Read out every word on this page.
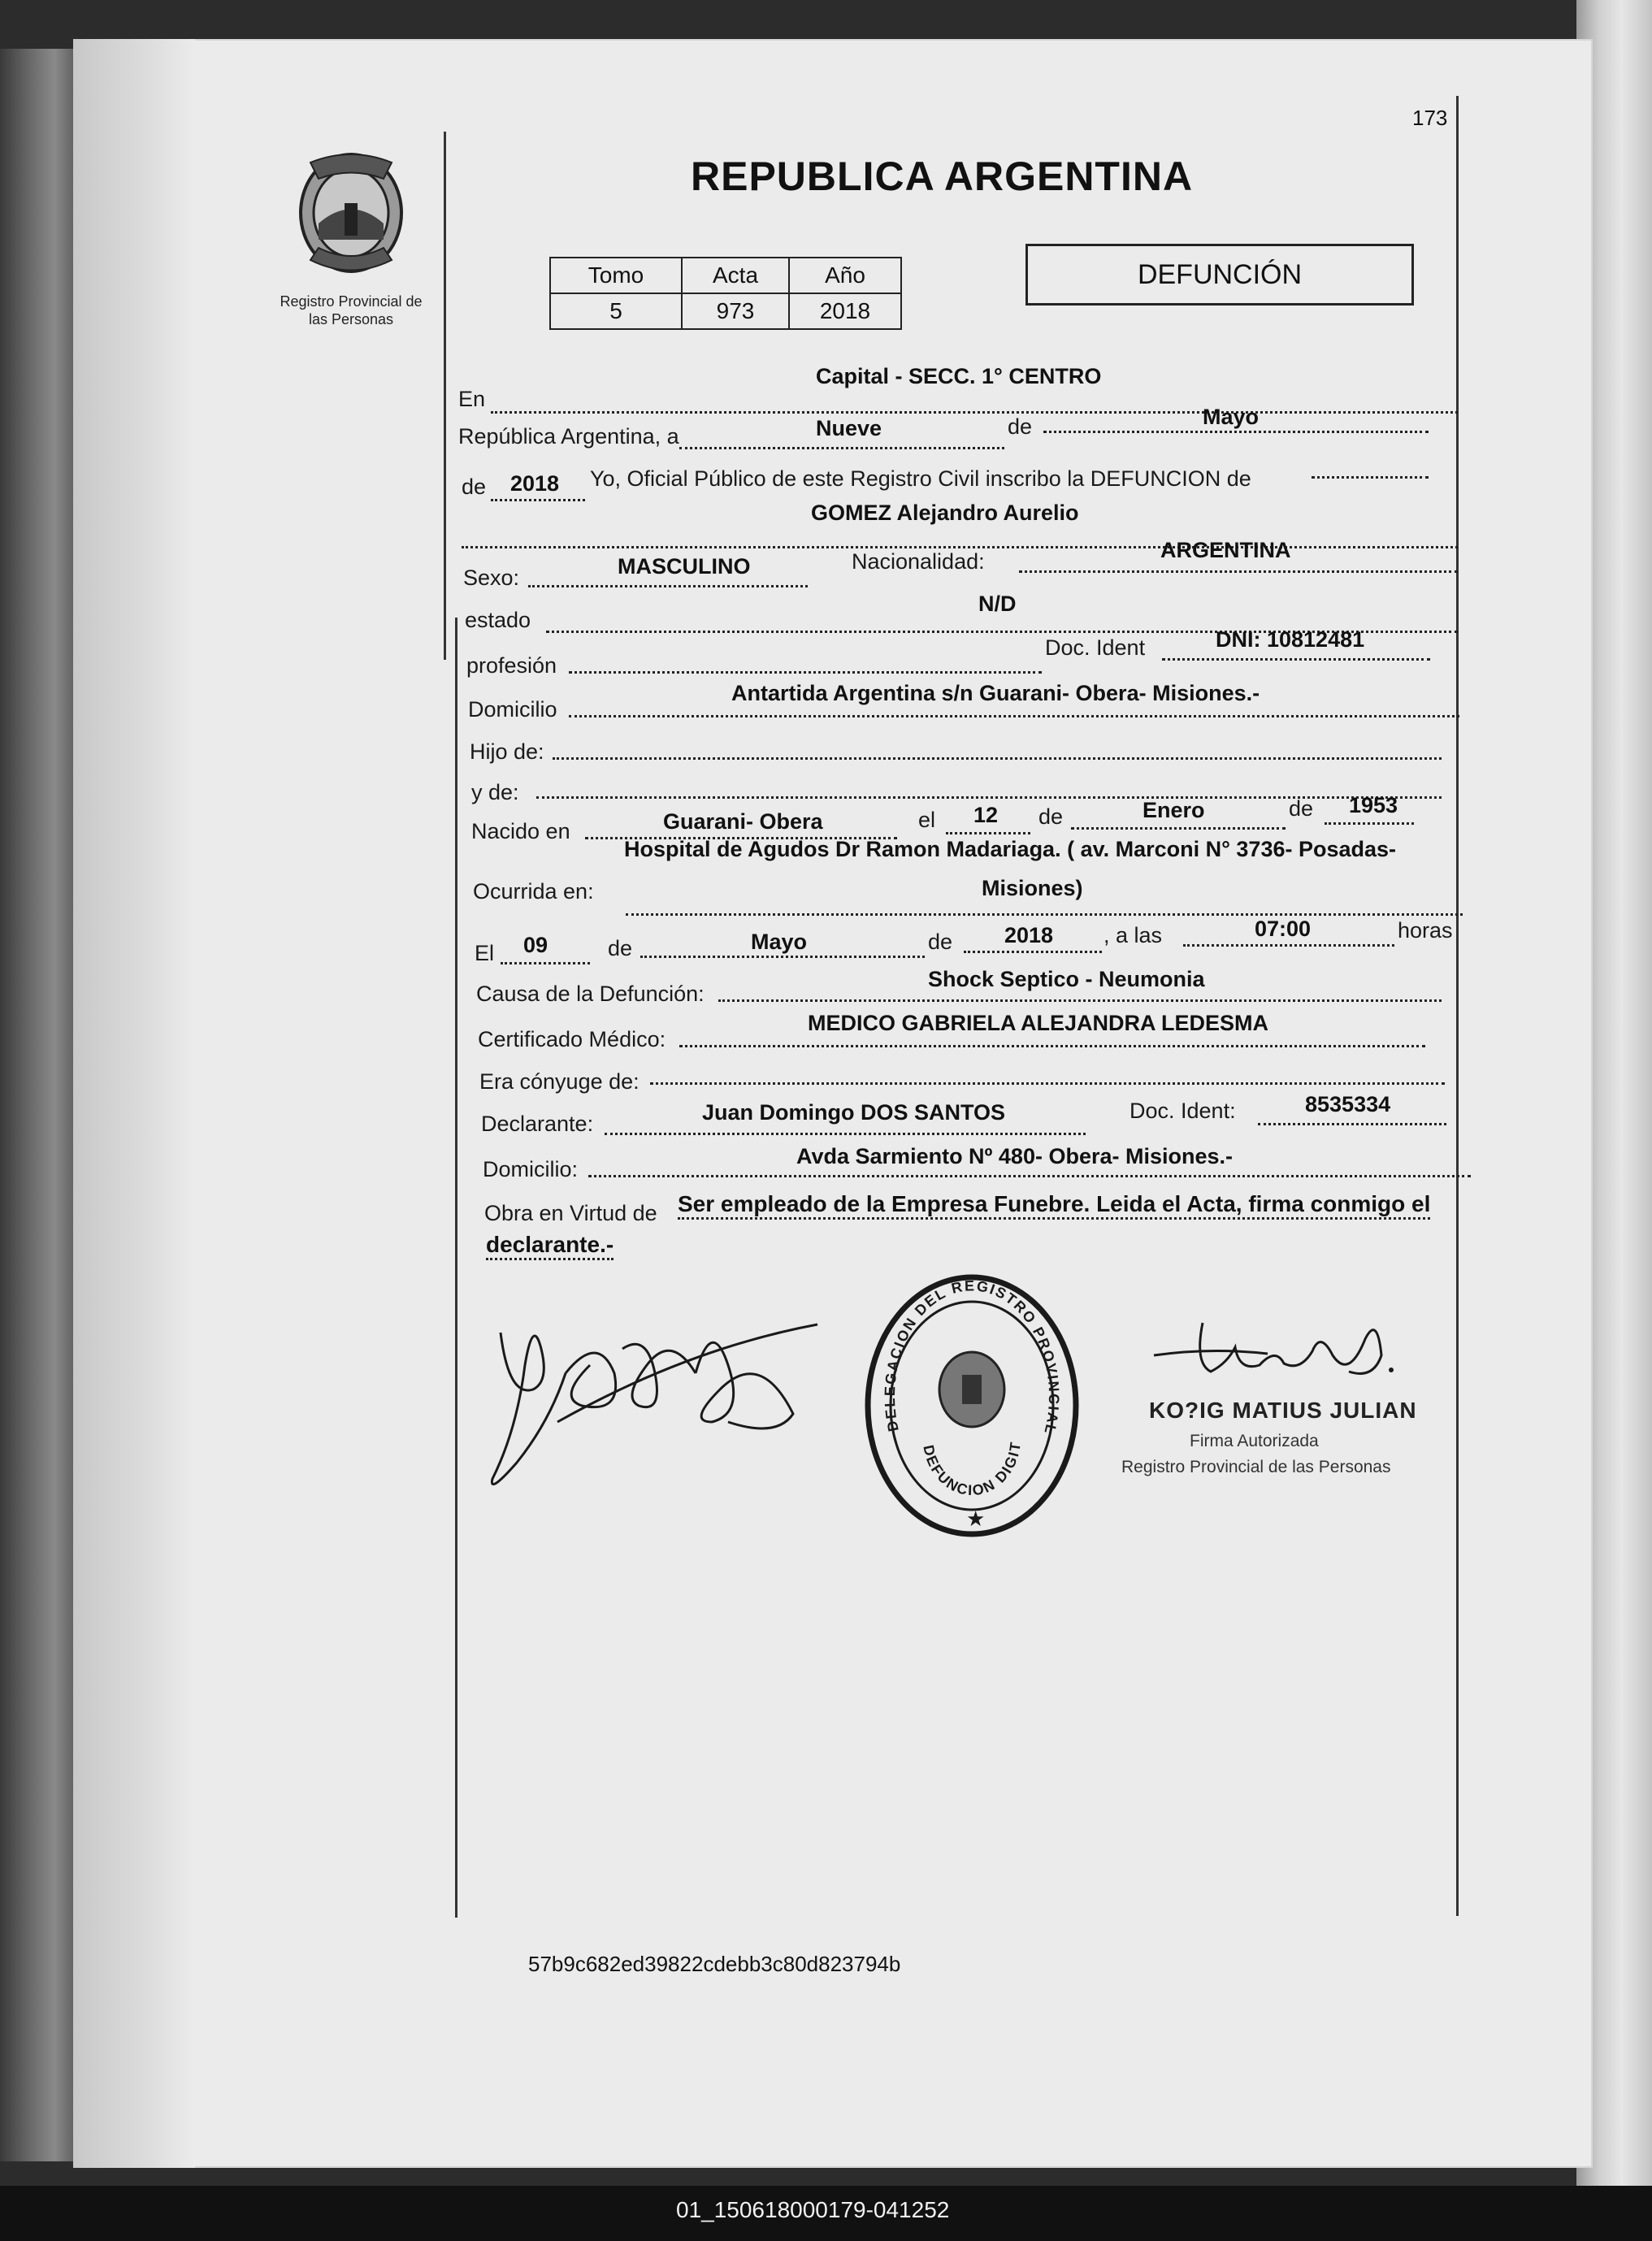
173
Registro Provincial de
las Personas
REPUBLICA ARGENTINA
Tomo	Acta	Año
5	973	2018
DEFUNCIÓN
En
Capital - SECC. 1° CENTRO
República Argentina, a	Nueve	de	Mayo
de 2018 Yo, Oficial Público de este Registro Civil inscribo la DEFUNCION de
GOMEZ Alejandro Aurelio
Sexo:	MASCULINO	Nacionalidad:	ARGENTINA
estado
N/D
profesión
Doc. Ident	DNI: 10812481
Domicilio
Antartida Argentina s/n Guarani- Obera- Misiones.-
Hijo de:
y de:
Nacido en	Guarani- Obera	el 12 de	Enero	de 1953
Hospital de Agudos Dr Ramon Madariaga. ( av. Marconi N° 3736- Posadas-
Ocurrida en:	Misiones)
El 09	de	Mayo	de 2018 , a las	07:00	horas
Causa de la Defunción:
Shock Septico - Neumonia
Certificado Médico:
MEDICO GABRIELA ALEJANDRA LEDESMA
Era cónyuge de:
Declarante:	Juan Domingo DOS SANTOS	Doc. Ident:	8535334
Domicilio:
Avda Sarmiento Nº 480- Obera- Misiones.-
Obra en Virtud de Ser empleado de la Empresa Funebre. Leida el Acta, firma conmigo el
declarante.-
DELEGACION DEL REGISTRO PROVINCIAL
DEFUNCION DIGIT
★
KO?IG MATIUS JULIAN
Firma Autorizada
Registro Provincial de las Personas
57b9c682ed39822cdebb3c80d823794b
01_150618000179-041252
